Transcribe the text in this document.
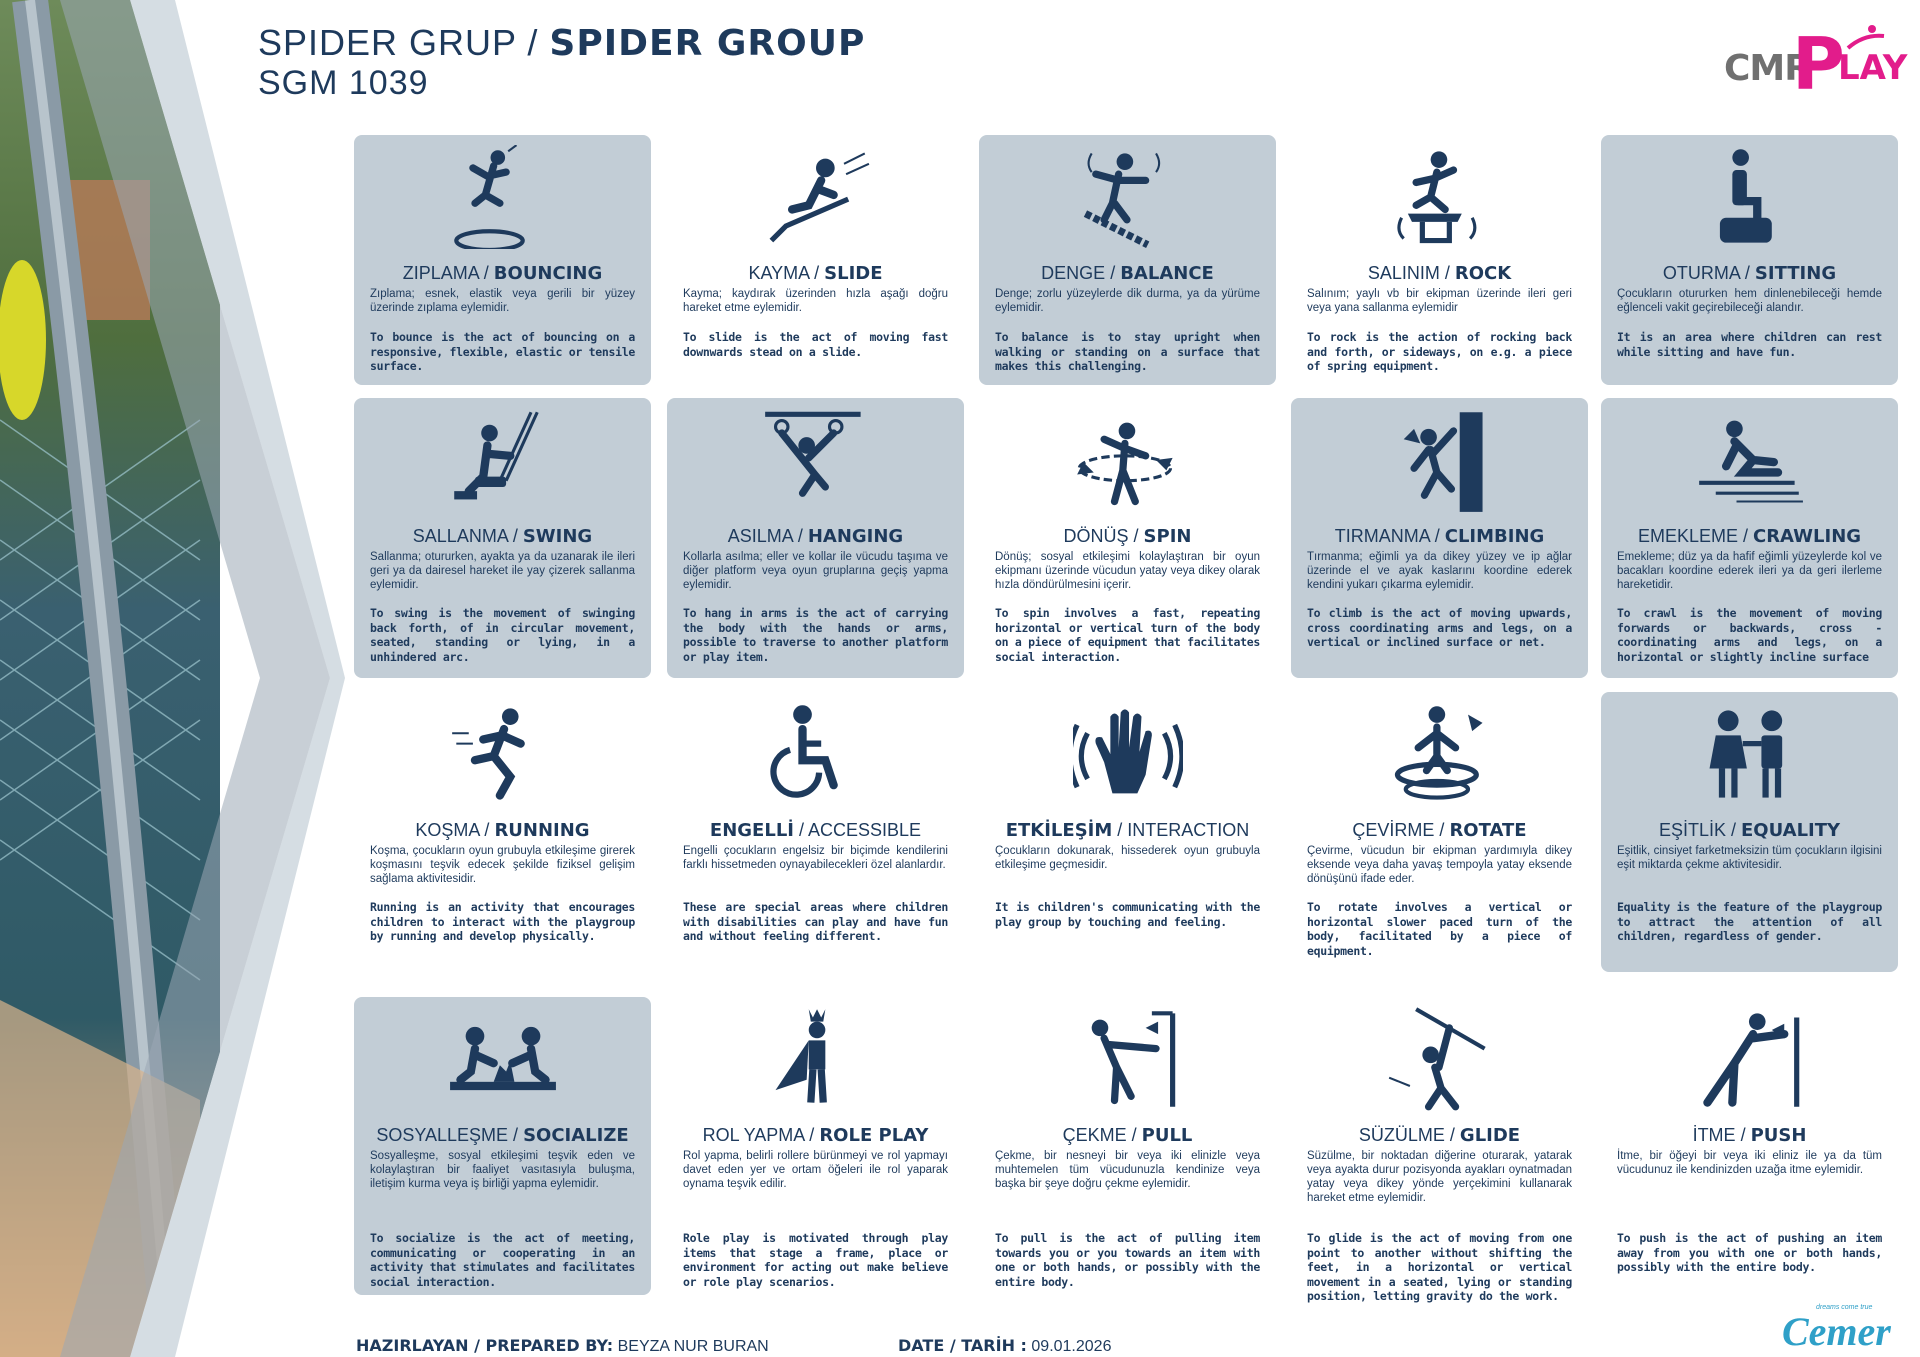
SPIDER GRUP / SPIDER GROUP
SGM 1039	CMR
P
LAY
ZIPLAMA / BOUNCING
Zıplama; esnek, elastik veya gerili bir yüzey üzerinde zıplama eylemidir.
To bounce is the act of bouncing on a responsive, flexible, elastic or tensile surface.
KAYMA / SLIDE
Kayma; kaydırak üzerinden hızla aşağı doğru hareket etme eylemidir.
To slide is the act of moving fast downwards stead on a slide.
DENGE / BALANCE
Denge; zorlu yüzeylerde dik durma, ya da yürüme eylemidir.
To balance is to stay upright when walking or standing on a surface that makes this challenging.
SALINIM / ROCK
Salınım; yaylı vb bir ekipman üzerinde ileri geri veya yana sallanma eylemidir
To rock is the action of rocking back and forth, or sideways, on e.g. a piece of spring equipment.
OTURMA / SITTING
Çocukların otururken hem dinlenebileceği hemde eğlenceli vakit geçirebileceği alandır.
It is an area where children can rest while sitting and have fun.
SALLANMA / SWING
Sallanma; otururken, ayakta ya da uzanarak ile ileri geri ya da dairesel hareket ile yay çizerek sallanma eylemidir.
To swing is the movement of swinging back forth, of in circular movement, seated, standing or lying, in a unhindered arc.
ASILMA / HANGING
Kollarla asılma; eller ve kollar ile vücudu taşıma ve diğer platform veya oyun gruplarına geçiş yapma eylemidir.
To hang in arms is the act of carrying the body with the hands or arms, possible to traverse to another platform or play item.
DÖNÜŞ / SPIN
Dönüş; sosyal etkileşimi kolaylaştıran bir oyun ekipmanı üzerinde vücudun yatay veya dikey olarak hızla döndürülmesini içerir.
To spin involves a fast, repeating horizontal or vertical turn of the body on a piece of equipment that facilitates social interaction.
TIRMANMA / CLIMBING
Tırmanma; eğimli ya da dikey yüzey ve ip ağlar üzerinde el ve ayak kaslarını koordine ederek kendini yukarı çıkarma eylemidir.
To climb is the act of moving upwards, cross coordinating arms and legs, on a vertical or inclined surface or net.
EMEKLEME / CRAWLING
Emekleme; düz ya da hafif eğimli yüzeylerde kol ve bacakları koordine ederek ileri ya da geri ilerleme hareketidir.
To crawl is the movement of moving forwards or backwards, cross - coordinating arms and legs, on a horizontal or slightly incline surface
KOŞMA / RUNNING
Koşma, çocukların oyun grubuyla etkileşime girerek koşmasını teşvik edecek şekilde fiziksel gelişim sağlama aktivitesidir.
Running is an activity that encourages children to interact with the playgroup by running and develop physically.
ENGELLİ / ACCESSIBLE
Engelli çocukların engelsiz bir biçimde kendilerini farklı hissetmeden oynayabilecekleri özel alanlardır.
These are special areas where children with disabilities can play and have fun and without feeling different.
ETKİLEŞİM / INTERACTION
Çocukların dokunarak, hissederek oyun grubuyla etkileşime geçmesidir.
It is children's communicating with the play group by touching and feeling.
ÇEVİRME / ROTATE
Çevirme, vücudun bir ekipman yardımıyla dikey eksende veya daha yavaş tempoyla yatay eksende dönüşünü ifade eder.
To rotate involves a vertical or horizontal slower paced turn of the body, facilitated by a piece of equipment.
EŞİTLİK / EQUALITY
Eşitlik, cinsiyet farketmeksizin tüm çocukların ilgisini eşit miktarda çekme aktivitesidir.
Equality is the feature of the playgroup to attract the attention of all children, regardless of gender.
SOSYALLEŞME / SOCIALIZE
Sosyalleşme, sosyal etkileşimi teşvik eden ve kolaylaştıran bir faaliyet vasıtasıyla buluşma, iletişim kurma veya iş birliği yapma eylemidir.
To socialize is the act of meeting, communicating or cooperating in an activity that stimulates and facilitates social interaction.
ROL YAPMA / ROLE PLAY
Rol yapma, belirli rollere bürünmeyi ve rol yapmayı davet eden yer ve ortam öğeleri ile rol yaparak oynama teşvik edilir.
Role play is motivated through play items that stage a frame, place or environment for acting out make believe or role play scenarios.
ÇEKME / PULL
Çekme, bir nesneyi bir veya iki elinizle veya muhtemelen tüm vücudunuzla kendinize veya başka bir şeye doğru çekme eylemidir.
To pull is the act of pulling item towards you or you towards an item with one or both hands, or possibly with the entire body.
SÜZÜLME / GLIDE
Süzülme, bir noktadan diğerine oturarak, yatarak veya ayakta durur pozisyonda ayakları oynatmadan yatay veya dikey yönde yerçekimini kullanarak hareket etme eylemidir.
To glide is the act of moving from one point to another without shifting the feet, in a horizontal or vertical movement in a seated, lying or standing position, letting gravity do the work.
İTME / PUSH
İtme, bir öğeyi bir veya iki eliniz ile ya da tüm vücudunuz ile kendinizden uzağa itme eylemidir.
To push is the act of pushing an item away from you with one or both hands, possibly with the entire body.
HAZIRLAYAN / PREPARED BY: BEYZA NUR BURAN	DATE / TARİH : 09.01.2026
dreams come true
Cemer
